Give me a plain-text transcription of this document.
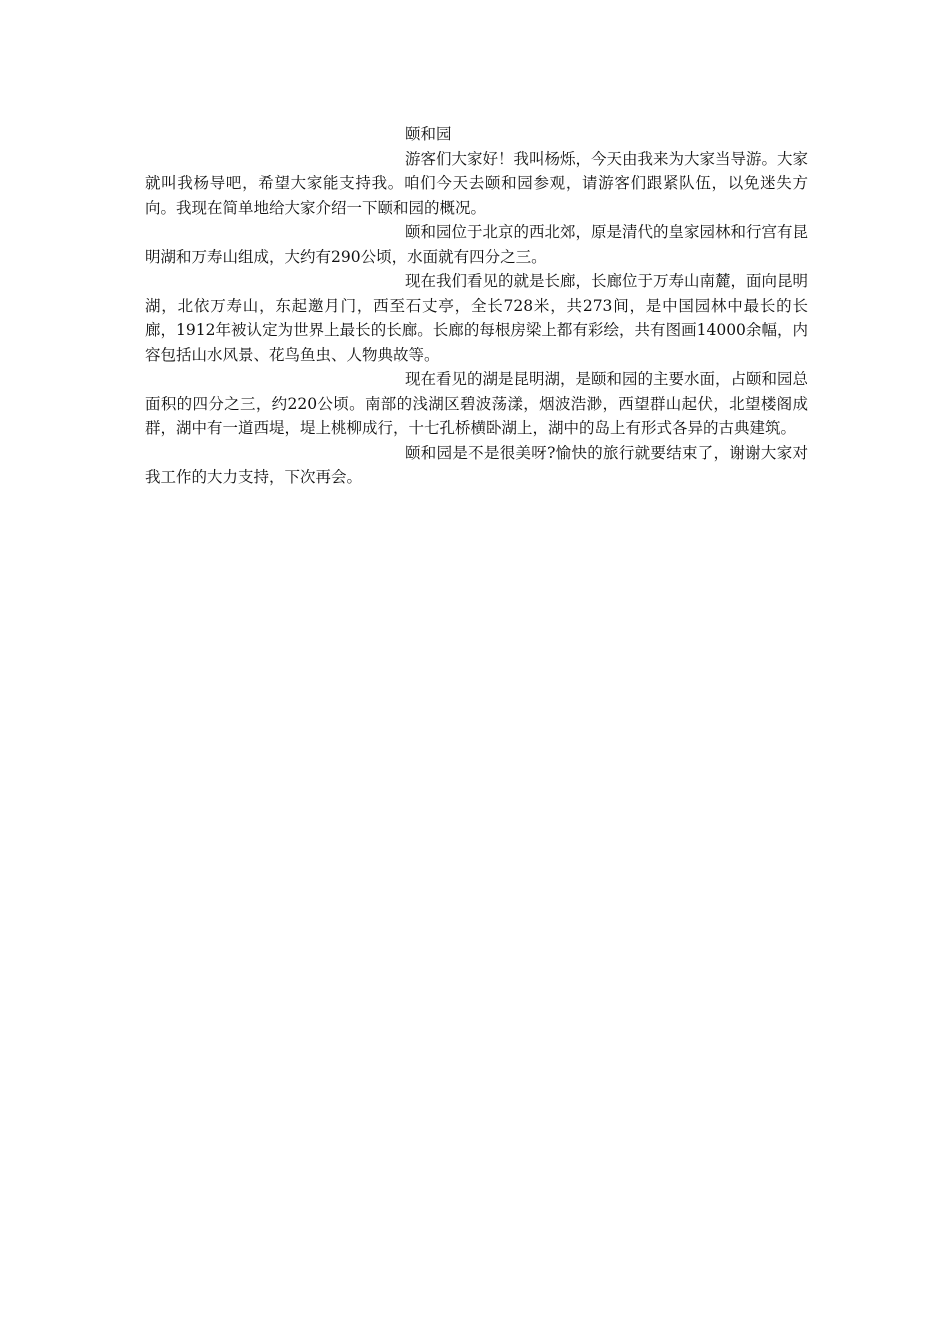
颐和园

游客们大家好！我叫杨烁，今天由我来为大家当导游。大家就叫我杨导吧，希望大家能支持我。咱们今天去颐和园参观，请游客们跟紧队伍，以免迷失方向。我现在简单地给大家介绍一下颐和园的概况。

颐和园位于北京的西北郊，原是清代的皇家园林和行宫有昆明湖和万寿山组成，大约有290公顷，水面就有四分之三。

现在我们看见的就是长廊，长廊位于万寿山南麓，面向昆明湖，北依万寿山，东起邀月门，西至石丈亭，全长728米，共273间，是中国园林中最长的长廊，1912年被认定为世界上最长的长廊。长廊的每根房梁上都有彩绘，共有图画14000余幅，内容包括山水风景、花鸟鱼虫、人物典故等。

现在看见的湖是昆明湖，是颐和园的主要水面，占颐和园总面积的四分之三，约220公顷。南部的浅湖区碧波荡漾，烟波浩渺，西望群山起伏，北望楼阁成群，湖中有一道西堤，堤上桃柳成行，十七孔桥横卧湖上，湖中的岛上有形式各异的古典建筑。

颐和园是不是很美呀?愉快的旅行就要结束了，谢谢大家对我工作的大力支持，下次再会。
